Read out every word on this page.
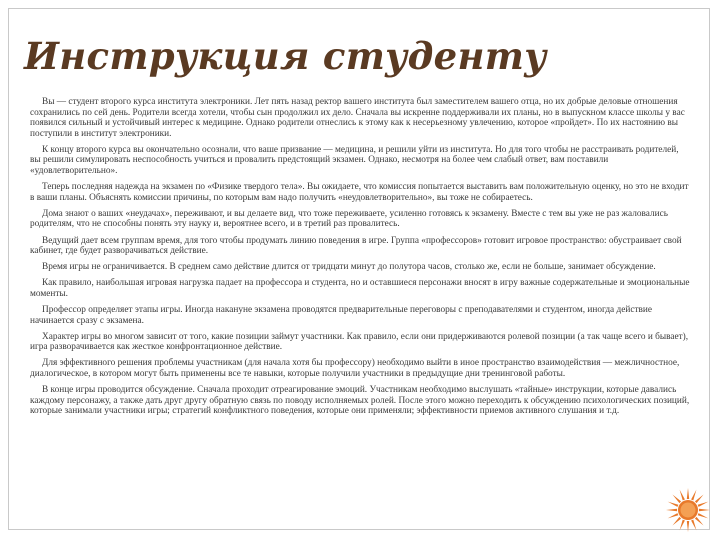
Инструкция студенту

Вы — студент второго курса института электроники. Лет пять назад ректор вашего института был заместителем вашего отца, но их добрые деловые отношения сохранились по сей день. Родители всегда хотели, чтобы сын продолжил их дело. Сначала вы искренне поддерживали их планы, но в выпускном классе школы у вас появился сильный и устойчивый интерес к медицине. Однако родители отнеслись к этому как к несерьезному увлечению, которое «пройдет». По их настоянию вы поступили в институт электроники.

К концу второго курса вы окончательно осознали, что ваше призвание — медицина, и решили уйти из института. Но для того чтобы не расстраивать родителей, вы решили симулировать неспособность учиться и провалить предстоящий экзамен. Однако, несмотря на более чем слабый ответ, вам поставили «удовлетворительно».

Теперь последняя надежда на экзамен по «Физике твердого тела». Вы ожидаете, что комиссия попытается выставить вам положительную оценку, но это не входит в ваши планы. Объяснять комиссии причины, по которым вам надо получить «неудовлетворительно», вы тоже не собираетесь.

Дома знают о ваших «неудачах», переживают, и вы делаете вид, что тоже переживаете, усиленно готовясь к экзамену. Вместе с тем вы уже не раз жаловались родителям, что не способны понять эту науку и, вероятнее всего, и в третий раз провалитесь.

Ведущий дает всем группам время, для того чтобы продумать линию поведения в игре. Группа «профессоров» готовит игровое пространство: обустраивает свой кабинет, где будет разворачиваться действие.

Время игры не ограничивается. В среднем само действие длится от тридцати минут до полутора часов, столько же, если не больше, занимает обсуждение.

Как правило, наибольшая игровая нагрузка падает на профессора и студента, но и оставшиеся персонажи вносят в игру важные содержательные и эмоциональные моменты.

Профессор определяет этапы игры. Иногда накануне экзамена проводятся предварительные переговоры с преподавателями и студентом, иногда действие начинается сразу с экзамена.

Характер игры во многом зависит от того, какие позиции займут участники. Как правило, если они придерживаются ролевой позиции (а так чаще всего и бывает), игра разворачивается как жесткое конфронтационное действие.

Для эффективного решения проблемы участникам (для начала хотя бы профессору) необходимо выйти в иное пространство взаимодействия — межличностное, диалогическое, в котором могут быть применены все те навыки, которые получили участники в предыдущие дни тренинговой работы.

В конце игры проводится обсуждение. Сначала проходит отреагирование эмоций. Участникам необходимо выслушать «тайные» инструкции, которые давались каждому персонажу, а также дать друг другу обратную связь по поводу исполняемых ролей. После этого можно переходить к обсуждению психологических позиций, которые занимали участники игры; стратегий конфликтного поведения, которые они применяли; эффективности приемов активного слушания и т.д.
